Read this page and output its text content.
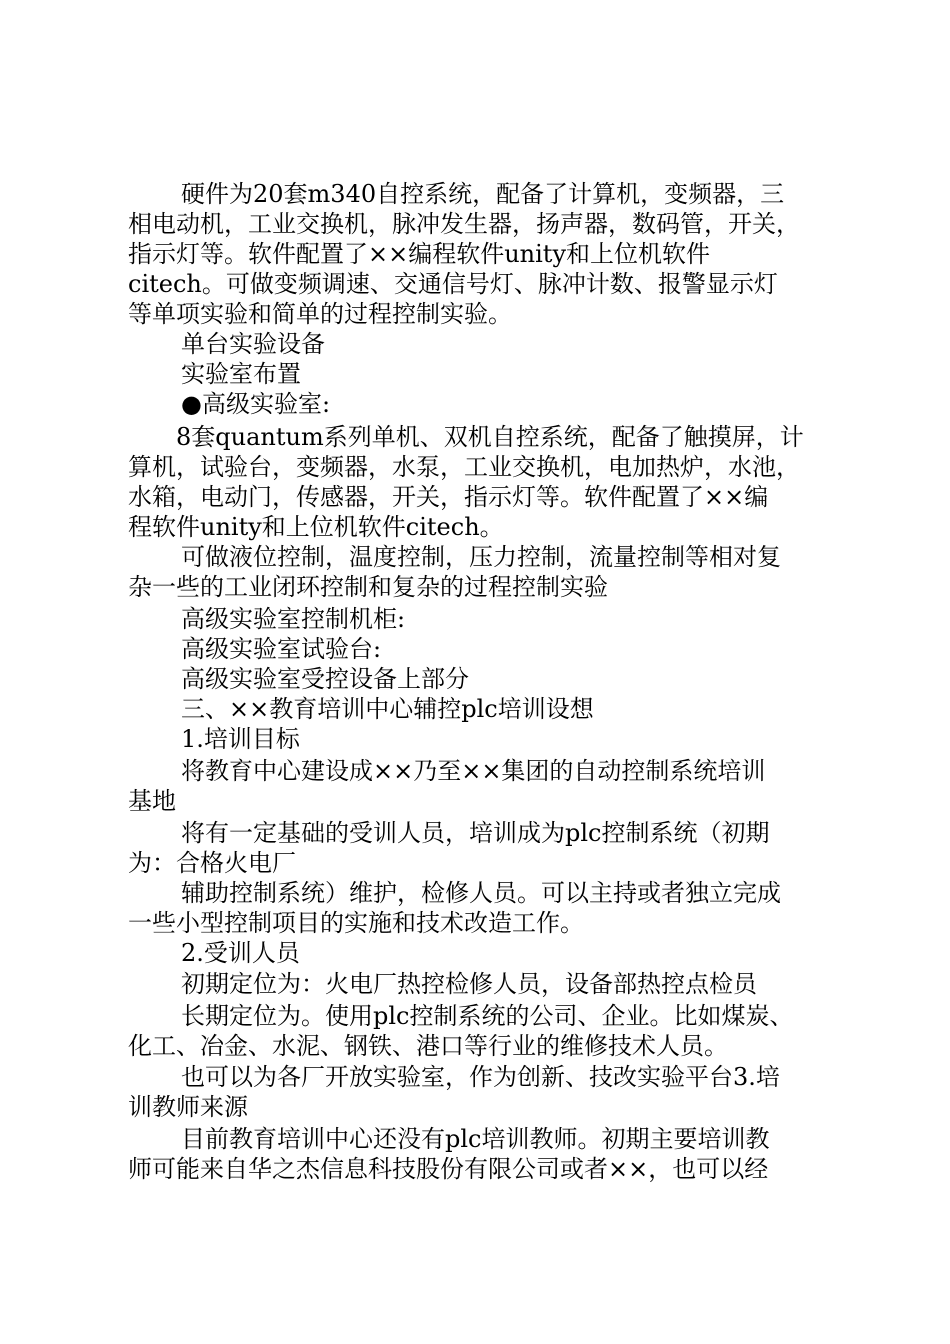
硬件为20套m340自控系统，配备了计算机，变频器，三

相电动机，工业交换机，脉冲发生器，扬声器，数码管，开关，

指示灯等。软件配置了××编程软件unity和上位机软件

citech。可做变频调速、交通信号灯、脉冲计数、报警显示灯

等单项实验和简单的过程控制实验。

单台实验设备

实验室布置

●高级实验室:

8套quantum系列单机、双机自控系统，配备了触摸屏，计

算机，试验台，变频器，水泵，工业交换机，电加热炉，水池，

水箱，电动门，传感器，开关，指示灯等。软件配置了××编

程软件unity和上位机软件citech。

可做液位控制，温度控制，压力控制，流量控制等相对复

杂一些的工业闭环控制和复杂的过程控制实验

高级实验室控制机柜:

高级实验室试验台:

高级实验室受控设备上部分

三、××教育培训中心辅控plc培训设想

1.培训目标

将教育中心建设成××乃至××集团的自动控制系统培训

基地

将有一定基础的受训人员，培训成为plc控制系统（初期

为：合格火电厂

辅助控制系统）维护，检修人员。可以主持或者独立完成

一些小型控制项目的实施和技术改造工作。

2.受训人员

初期定位为：火电厂热控检修人员，设备部热控点检员

长期定位为。使用plc控制系统的公司、企业。比如煤炭、

化工、冶金、水泥、钢铁、港口等行业的维修技术人员。

也可以为各厂开放实验室，作为创新、技改实验平台3.培

训教师来源

目前教育培训中心还没有plc培训教师。初期主要培训教

师可能来自华之杰信息科技股份有限公司或者××，也可以经
